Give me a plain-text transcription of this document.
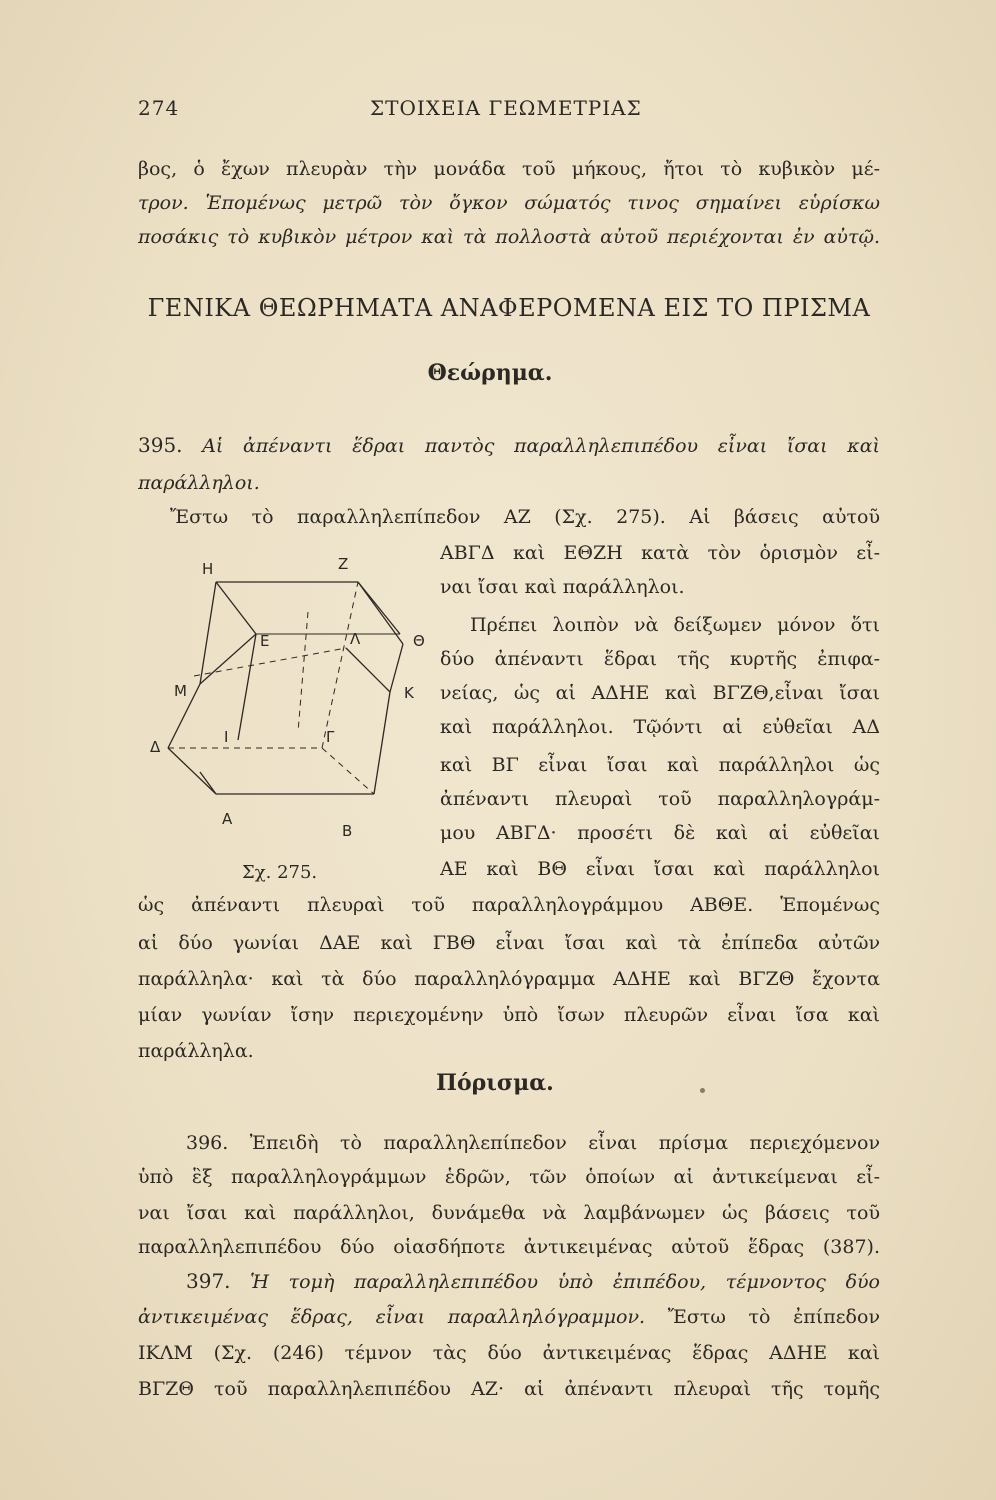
274	ΣΤΟΙΧΕΙΑ ΓΕΩΜΕΤΡΙΑΣ
βος, ὁ ἔχων πλευρὰν τὴν μονάδα τοῦ μήκους, ἤτοι τὸ κυβικὸν μέ-
τρον. Ἑπομένως μετρῶ τὸν ὄγκον σώματός τινος σημαίνει εὑρίσκω
ποσάκις τὸ κυβικὸν μέτρον καὶ τὰ πολλοστὰ αὐτοῦ περιέχονται ἐν αὐτῷ.
ΓΕΝΙΚΑ ΘΕΩΡΗΜΑΤΑ ΑΝΑΦΕΡΟΜΕΝΑ ΕΙΣ ΤΟ ΠΡΙΣΜΑ
Θεώρημα.
395. Αἱ ἀπέναντι ἕδραι παντὸς παραλληλεπιπέδου εἶναι ἴσαι καὶ
παράλληλοι.
Ἔστω τὸ παραλληλεπίπεδον ΑΖ (Σχ. 275). Αἱ βάσεις αὐτοῦ
Η	Z
Ε	Λ	Θ
Μ	Κ
Ι	Γ
Δ
Α
Β
Σχ. 275.
ΑΒΓΔ καὶ ΕΘΖΗ κατὰ τὸν ὁρισμὸν εἶ-
ναι ἴσαι καὶ παράλληλοι.
Πρέπει λοιπὸν νὰ δείξωμεν μόνον ὅτι
δύο ἀπέναντι ἕδραι τῆς κυρτῆς ἐπιφα-
νείας, ὡς αἱ ΑΔΗΕ καὶ ΒΓΖΘ,εἶναι ἴσαι
καὶ παράλληλοι. Τῷόντι αἱ εὐθεῖαι ΑΔ
καὶ ΒΓ εἶναι ἴσαι καὶ παράλληλοι ὡς
ἀπέναντι πλευραὶ τοῦ παραλληλογράμ-
μου ΑΒΓΔ· προσέτι δὲ καὶ αἱ εὐθεῖαι
ΑΕ καὶ ΒΘ εἶναι ἴσαι καὶ παράλληλοι
ὡς ἀπέναντι πλευραὶ τοῦ παραλληλογράμμου ΑΒΘΕ. Ἑπομένως
αἱ δύο γωνίαι ΔΑΕ καὶ ΓΒΘ εἶναι ἴσαι καὶ τὰ ἐπίπεδα αὐτῶν
παράλληλα· καὶ τὰ δύο παραλληλόγραμμα ΑΔΗΕ καὶ ΒΓΖΘ ἔχοντα
μίαν γωνίαν ἴσην περιεχομένην ὑπὸ ἴσων πλευρῶν εἶναι ἴσα καὶ
παράλληλα.
Πόρισμα.
396. Ἐπειδὴ τὸ παραλληλεπίπεδον εἶναι πρίσμα περιεχόμενον
ὑπὸ ἓξ παραλληλογράμμων ἑδρῶν, τῶν ὁποίων αἱ ἀντικείμεναι εἶ-
ναι ἴσαι καὶ παράλληλοι, δυνάμεθα νὰ λαμβάνωμεν ὡς βάσεις τοῦ
παραλληλεπιπέδου δύο οἱασδήποτε ἀντικειμένας αὐτοῦ ἕδρας (387).
397. Ἡ τομὴ παραλληλεπιπέδου ὑπὸ ἐπιπέδου, τέμνοντος δύο
ἀντικειμένας ἕδρας, εἶναι παραλληλόγραμμον. Ἔστω τὸ ἐπίπεδον
ΙΚΛΜ (Σχ. (246) τέμνον τὰς δύο ἀντικειμένας ἕδρας ΑΔΗΕ καὶ
ΒΓΖΘ τοῦ παραλληλεπιπέδου ΑΖ· αἱ ἀπέναντι πλευραὶ τῆς τομῆς
